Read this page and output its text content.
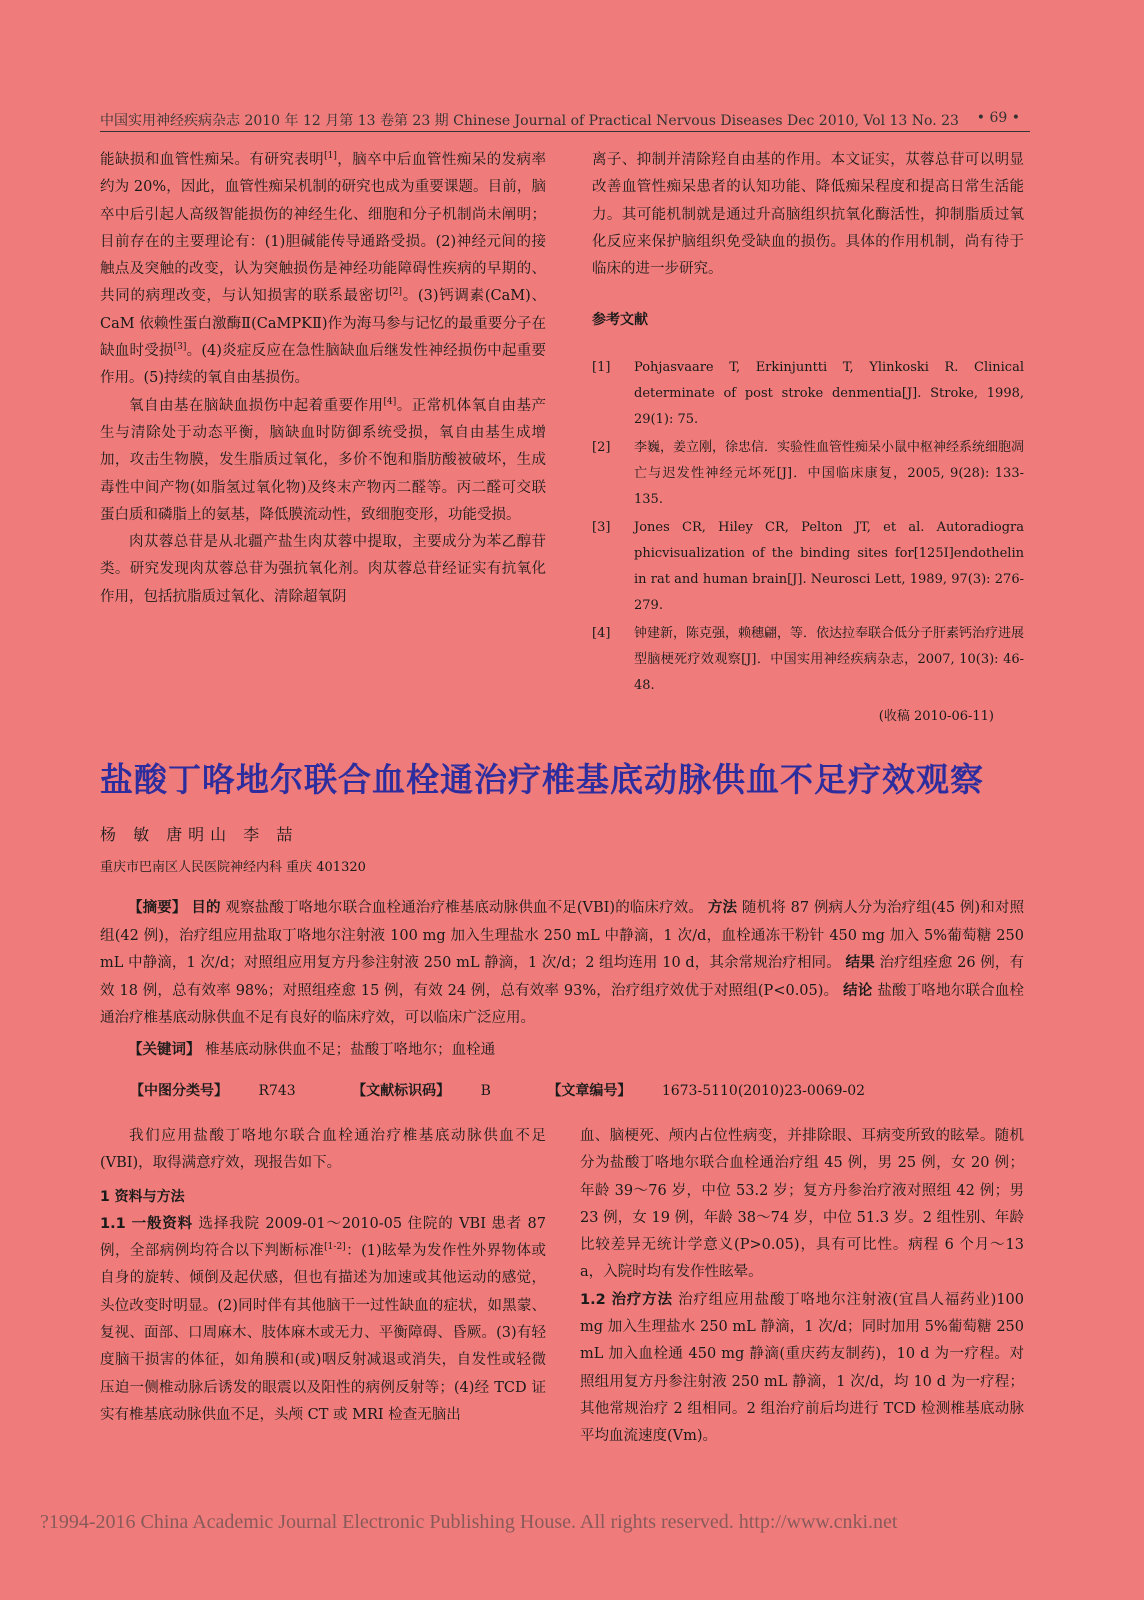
中国实用神经疾病杂志 2010 年 12 月第 13 卷第 23 期 Chinese Journal of Practical Nervous Diseases Dec 2010, Vol 13 No. 23 • 69 •

能缺损和血管性痴呆。有研究表明[1]，脑卒中后血管性痴呆的发病率约为 20%，因此，血管性痴呆机制的研究也成为重要课题。目前，脑卒中后引起人高级智能损伤的神经生化、细胞和分子机制尚未阐明；目前存在的主要理论有：(1)胆碱能传导通路受损。(2)神经元间的接触点及突触的改变，认为突触损伤是神经功能障碍性疾病的早期的、共同的病理改变，与认知损害的联系最密切[2]。(3)钙调素(CaM)、CaM 依赖性蛋白激酶Ⅱ(CaMPKⅡ)作为海马参与记忆的最重要分子在缺血时受损[3]。(4)炎症反应在急性脑缺血后继发性神经损伤中起重要作用。(5)持续的氧自由基损伤。

氧自由基在脑缺血损伤中起着重要作用[4]。正常机体氧自由基产生与清除处于动态平衡，脑缺血时防御系统受损，氧自由基生成增加，攻击生物膜，发生脂质过氧化，多价不饱和脂肪酸被破坏，生成毒性中间产物(如脂氢过氧化物)及终末产物丙二醛等。丙二醛可交联蛋白质和磷脂上的氨基，降低膜流动性，致细胞变形，功能受损。

肉苁蓉总苷是从北疆产盐生肉苁蓉中提取，主要成分为苯乙醇苷类。研究发现肉苁蓉总苷为强抗氧化剂。肉苁蓉总苷经证实有抗氧化作用，包括抗脂质过氧化、清除超氧阴

离子、抑制并清除羟自由基的作用。本文证实，苁蓉总苷可以明显改善血管性痴呆患者的认知功能、降低痴呆程度和提高日常生活能力。其可能机制就是通过升高脑组织抗氧化酶活性，抑制脂质过氧化反应来保护脑组织免受缺血的损伤。具体的作用机制，尚有待于临床的进一步研究。

参考文献
[1]	Pohjasvaare T, Erkinjuntti T, Ylinkoski R. Clinical determinate of post stroke denmentia[J]. Stroke, 1998, 29(1): 75.
[2]	李巍，姜立刚，徐忠信．实验性血管性痴呆小鼠中枢神经系统细胞凋亡与迟发性神经元坏死[J]．中国临床康复，2005, 9(28): 133-135.
[3]	Jones CR, Hiley CR, Pelton JT, et al. Autoradiogra phicvisualization of the binding sites for[125I]endothelin in rat and human brain[J]. Neurosci Lett, 1989, 97(3): 276-279.
[4]	钟建新，陈克强，赖穗翩，等．依达拉奉联合低分子肝素钙治疗进展型脑梗死疗效观察[J]．中国实用神经疾病杂志，2007, 10(3): 46-48.
(收稿 2010-06-11)
盐酸丁咯地尔联合血栓通治疗椎基底动脉供血不足疗效观察
杨 敏 唐明山 李 喆
重庆市巴南区人民医院神经内科 重庆 401320
【摘要】 目的 观察盐酸丁咯地尔联合血栓通治疗椎基底动脉供血不足(VBI)的临床疗效。 方法 随机将 87 例病人分为治疗组(45 例)和对照组(42 例)，治疗组应用盐取丁咯地尔注射液 100 mg 加入生理盐水 250 mL 中静滴，1 次/d，血栓通冻干粉针 450 mg 加入 5%葡萄糖 250 mL 中静滴，1 次/d；对照组应用复方丹参注射液 250 mL 静滴，1 次/d；2 组均连用 10 d，其余常规治疗相同。 结果 治疗组痊愈 26 例，有效 18 例，总有效率 98%；对照组痊愈 15 例，有效 24 例，总有效率 93%，治疗组疗效优于对照组(P<0.05)。 结论 盐酸丁咯地尔联合血栓通治疗椎基底动脉供血不足有良好的临床疗效，可以临床广泛应用。
【关键词】 椎基底动脉供血不足；盐酸丁咯地尔；血栓通
【中图分类号】 R743	【文献标识码】 B	【文章编号】 1673-5110(2010)23-0069-02

我们应用盐酸丁咯地尔联合血栓通治疗椎基底动脉供血不足(VBI)，取得满意疗效，现报告如下。

1 资料与方法

1.1 一般资料 选择我院 2009-01～2010-05 住院的 VBI 患者 87 例，全部病例均符合以下判断标准[1-2]：(1)眩晕为发作性外界物体或自身的旋转、倾倒及起伏感，但也有描述为加速或其他运动的感觉，头位改变时明显。(2)同时伴有其他脑干一过性缺血的症状，如黑蒙、复视、面部、口周麻木、肢体麻木或无力、平衡障碍、昏厥。(3)有轻度脑干损害的体征，如角膜和(或)咽反射减退或消失，自发性或轻微压迫一侧椎动脉后诱发的眼震以及阳性的病例反射等；(4)经 TCD 证实有椎基底动脉供血不足，头颅 CT 或 MRI 检查无脑出

血、脑梗死、颅内占位性病变，并排除眼、耳病变所致的眩晕。随机分为盐酸丁咯地尔联合血栓通治疗组 45 例，男 25 例，女 20 例；年龄 39～76 岁，中位 53.2 岁；复方丹参治疗液对照组 42 例；男 23 例，女 19 例，年龄 38～74 岁，中位 51.3 岁。2 组性别、年龄比较差异无统计学意义(P>0.05)，具有可比性。病程 6 个月～13 a，入院时均有发作性眩晕。

1.2 治疗方法 治疗组应用盐酸丁咯地尔注射液(宜昌人福药业)100 mg 加入生理盐水 250 mL 静滴，1 次/d；同时加用 5%葡萄糖 250 mL 加入血栓通 450 mg 静滴(重庆药友制药)，10 d 为一疗程。对照组用复方丹参注射液 250 mL 静滴，1 次/d，均 10 d 为一疗程；其他常规治疗 2 组相同。2 组治疗前后均进行 TCD 检测椎基底动脉平均血流速度(Vm)。

?1994-2016 China Academic Journal Electronic Publishing House. All rights reserved. http://www.cnki.net
